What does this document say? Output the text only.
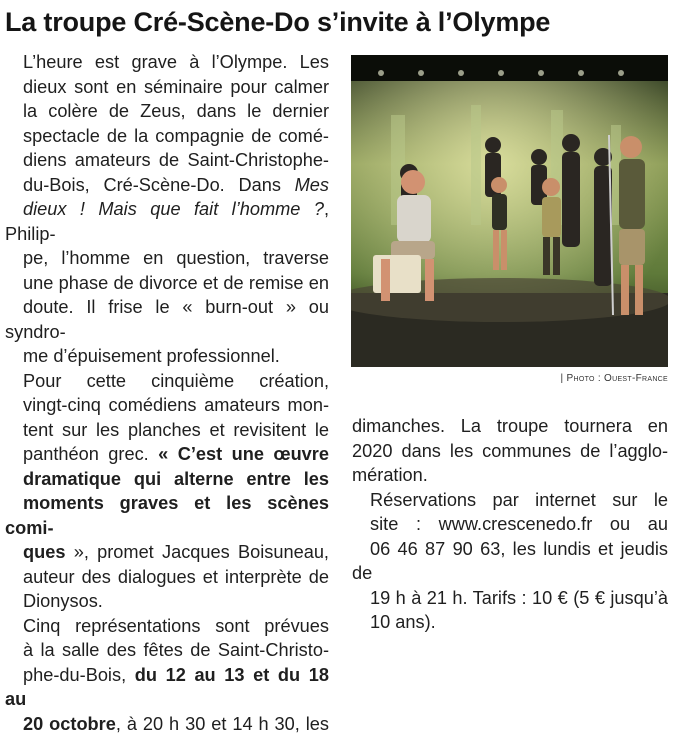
La troupe Cré-Scène-Do s’invite à l’Olympe

L’heure est grave à l’Olympe. Les
dieux sont en séminaire pour calmer
la colère de Zeus, dans le dernier
spectacle de la compagnie de comé-
diens amateurs de Saint-Christophe-
du-Bois, Cré-Scène-Do. Dans Mes
dieux ! Mais que fait l’homme ?, Philip-
pe, l’homme en question, traverse
une phase de divorce et de remise en
doute. Il frise le « burn-out » ou syndro-
me d’épuisement professionnel.

Pour cette cinquième création,
vingt-cinq comédiens amateurs mon-
tent sur les planches et revisitent le
panthéon grec. « C’est une œuvre
dramatique qui alterne entre les
moments graves et les scènes comi-
ques », promet Jacques Boisuneau,
auteur des dialogues et interprète de
Dionysos.

Cinq représentations sont prévues
à la salle des fêtes de Saint-Christo-
phe-du-Bois, du 12 au 13 et du 18 au
20 octobre, à 20 h 30 et 14 h 30, les

| Photo : Ouest-France

dimanches. La troupe tournera en
2020 dans les communes de l’agglo-
mération.

Réservations par internet sur le
site : www.crescenedo.fr ou au
06 46 87 90 63, les lundis et jeudis de
19 h à 21 h. Tarifs : 10 € (5 € jusqu’à
10 ans).
